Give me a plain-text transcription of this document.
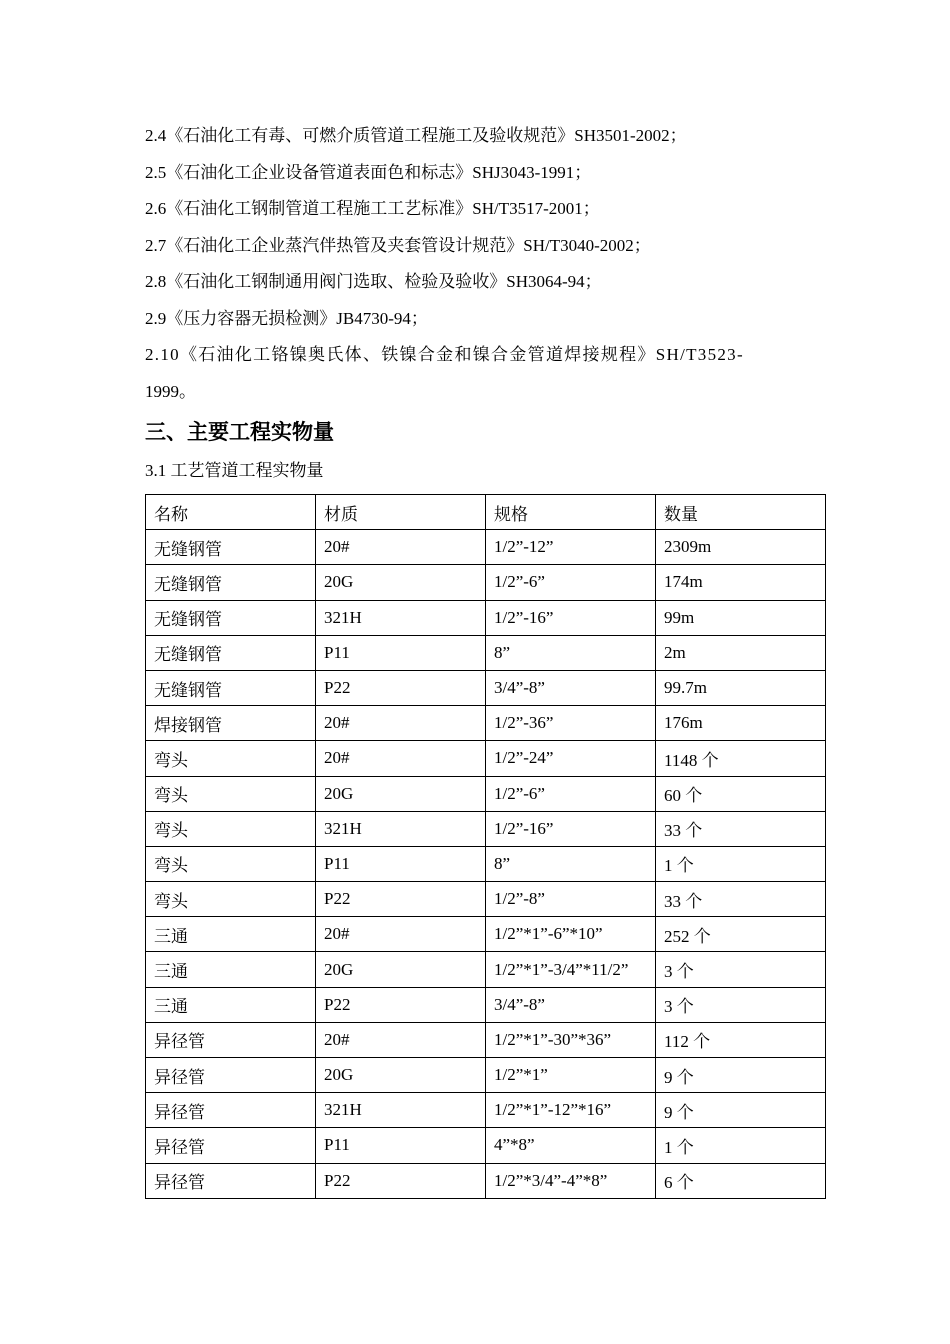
2.4《石油化工有毒、可燃介质管道工程施工及验收规范》SH3501-2002；
2.5《石油化工企业设备管道表面色和标志》SHJ3043-1991；
2.6《石油化工钢制管道工程施工工艺标准》SH/T3517-2001；
2.7《石油化工企业蒸汽伴热管及夹套管设计规范》SH/T3040-2002；
2.8《石油化工钢制通用阀门选取、检验及验收》SH3064-94；
2.9《压力容器无损检测》JB4730-94；
2.10《石油化工铬镍奥氏体、铁镍合金和镍合金管道焊接规程》SH/T3523-
1999。
三、主要工程实物量
3.1 工艺管道工程实物量
名称	材质	规格	数量
无缝钢管	20#	1/2”-12”	2309m
无缝钢管	20G	1/2”-6”	174m
无缝钢管	321H	1/2”-16”	99m
无缝钢管	P11	8”	2m
无缝钢管	P22	3/4”-8”	99.7m
焊接钢管	20#	1/2”-36”	176m
弯头	20#	1/2”-24”	1148 个
弯头	20G	1/2”-6”	60 个
弯头	321H	1/2”-16”	33 个
弯头	P11	8”	1 个
弯头	P22	1/2”-8”	33 个
三通	20#	1/2”*1”-6”*10”	252 个
三通	20G	1/2”*1”-3/4”*11/2”	3 个
三通	P22	3/4”-8”	3 个
异径管	20#	1/2”*1”-30”*36”	112 个
异径管	20G	1/2”*1”	9 个
异径管	321H	1/2”*1”-12”*16”	9 个
异径管	P11	4”*8”	1 个
异径管	P22	1/2”*3/4”-4”*8”	6 个
